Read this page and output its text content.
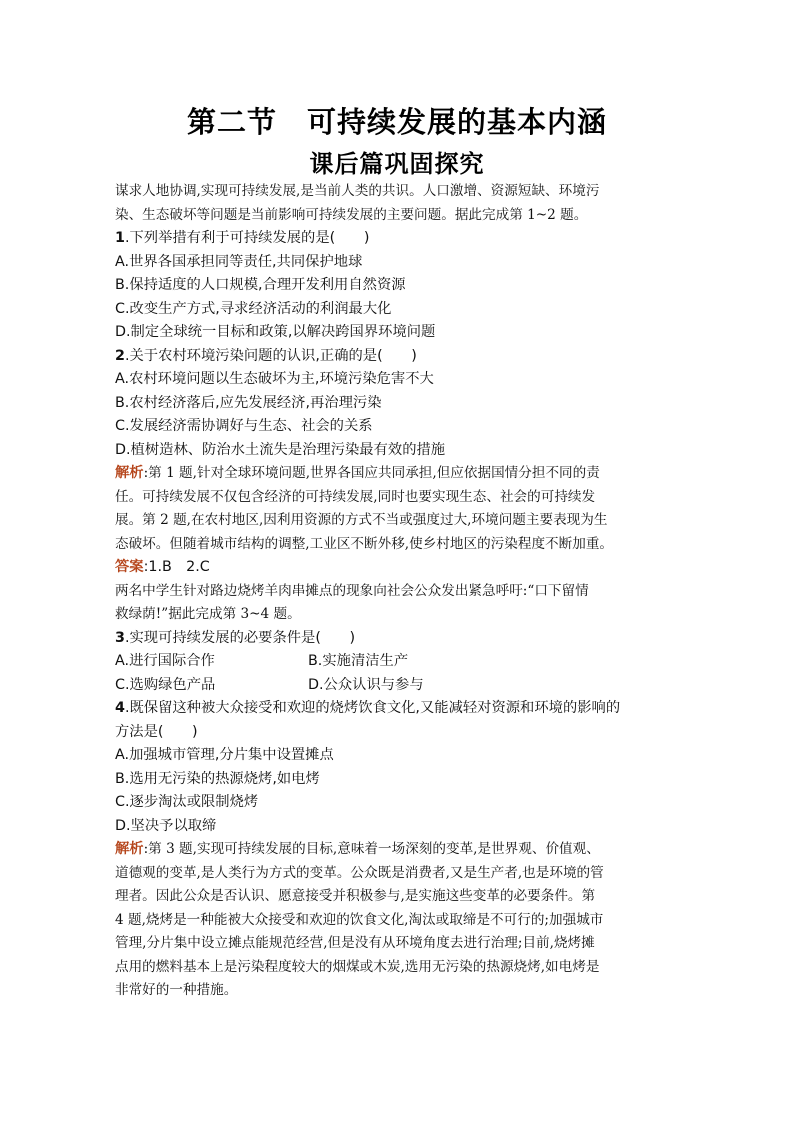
第二节　可持续发展的基本内涵
课后篇巩固探究
谋求人地协调,实现可持续发展,是当前人类的共识。人口激增、资源短缺、环境污
染、生态破坏等问题是当前影响可持续发展的主要问题。据此完成第 1~2 题。
1.下列举措有利于可持续发展的是(　　)
A.世界各国承担同等责任,共同保护地球
B.保持适度的人口规模,合理开发利用自然资源
C.改变生产方式,寻求经济活动的利润最大化
D.制定全球统一目标和政策,以解决跨国界环境问题
2.关于农村环境污染问题的认识,正确的是(　　)
A.农村环境问题以生态破坏为主,环境污染危害不大
B.农村经济落后,应先发展经济,再治理污染
C.发展经济需协调好与生态、社会的关系
D.植树造林、防治水土流失是治理污染最有效的措施
解析:第 1 题,针对全球环境问题,世界各国应共同承担,但应依据国情分担不同的责
任。可持续发展不仅包含经济的可持续发展,同时也要实现生态、社会的可持续发
展。第 2 题,在农村地区,因利用资源的方式不当或强度过大,环境问题主要表现为生
态破坏。但随着城市结构的调整,工业区不断外移,使乡村地区的污染程度不断加重。
答案:1.B　2.C
两名中学生针对路边烧烤羊肉串摊点的现象向社会公众发出紧急呼吁:“口下留情
救绿荫!”据此完成第 3~4 题。
3.实现可持续发展的必要条件是(　　)
A.进行国际合作	B.实施清洁生产
C.选购绿色产品	D.公众认识与参与
4.既保留这种被大众接受和欢迎的烧烤饮食文化,又能减轻对资源和环境的影响的
方法是(　　)
A.加强城市管理,分片集中设置摊点
B.选用无污染的热源烧烤,如电烤
C.逐步淘汰或限制烧烤
D.坚决予以取缔
解析:第 3 题,实现可持续发展的目标,意味着一场深刻的变革,是世界观、价值观、
道德观的变革,是人类行为方式的变革。公众既是消费者,又是生产者,也是环境的管
理者。因此公众是否认识、愿意接受并积极参与,是实施这些变革的必要条件。第
4 题,烧烤是一种能被大众接受和欢迎的饮食文化,淘汰或取缔是不可行的;加强城市
管理,分片集中设立摊点能规范经营,但是没有从环境角度去进行治理;目前,烧烤摊
点用的燃料基本上是污染程度较大的烟煤或木炭,选用无污染的热源烧烤,如电烤是
非常好的一种措施。
